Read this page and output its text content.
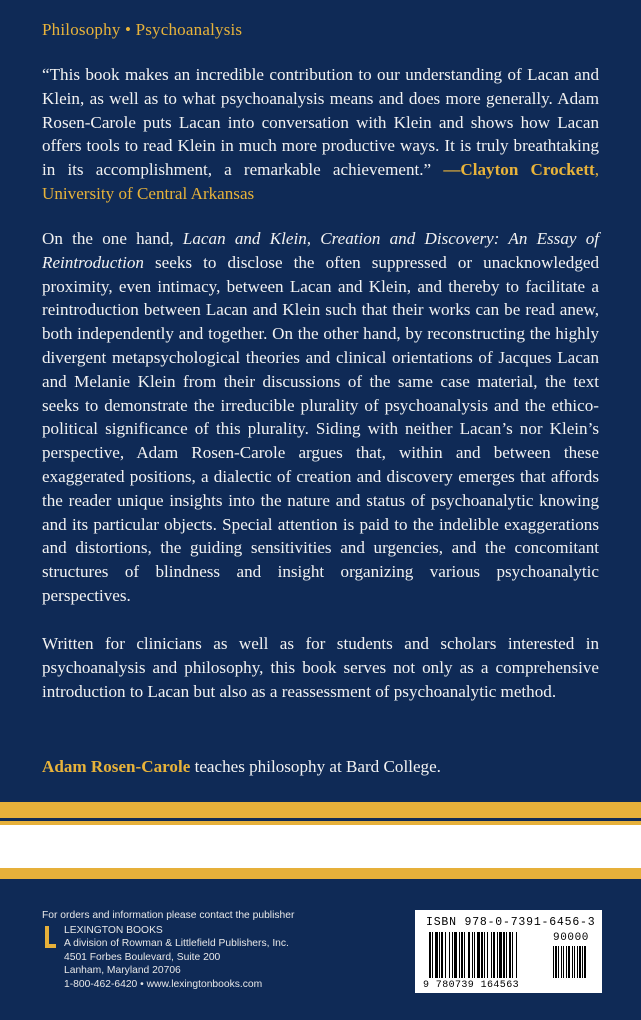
Philosophy • Psychoanalysis
“This book makes an incredible contribution to our understanding of Lacan and Klein, as well as to what psychoanalysis means and does more generally. Adam Rosen-Carole puts Lacan into conversation with Klein and shows how Lacan offers tools to read Klein in much more productive ways. It is truly breathtaking in its accomplishment, a remarkable achievement.” —Clayton Crockett, University of Central Arkansas
On the one hand, Lacan and Klein, Creation and Discovery: An Essay of Reintroduction seeks to disclose the often suppressed or unacknowledged proximity, even intimacy, between Lacan and Klein, and thereby to facilitate a reintroduction between Lacan and Klein such that their works can be read anew, both independently and together. On the other hand, by reconstructing the highly divergent metapsychological theories and clinical orientations of Jacques Lacan and Melanie Klein from their discussions of the same case material, the text seeks to demonstrate the irreducible plurality of psychoanalysis and the ethico-political significance of this plurality. Siding with neither Lacan’s nor Klein’s perspective, Adam Rosen-Carole argues that, within and between these exaggerated positions, a dialectic of creation and discovery emerges that affords the reader unique insights into the nature and status of psychoanalytic knowing and its particular objects. Special attention is paid to the indelible exaggerations and distortions, the guiding sensitivities and urgencies, and the concomitant structures of blindness and insight organizing various psychoanalytic perspectives.
Written for clinicians as well as for students and scholars interested in psychoanalysis and philosophy, this book serves not only as a comprehensive introduction to Lacan but also as a reassessment of psychoanalytic method.
Adam Rosen-Carole teaches philosophy at Bard College.
For orders and information please contact the publisher
LEXINGTON BOOKS
A division of Rowman & Littlefield Publishers, Inc.
4501 Forbes Boulevard, Suite 200
Lanham, Maryland 20706
1-800-462-6420 • www.lexingtonbooks.com
ISBN 978-0-7391-6456-3
90000
9 780739 164563
